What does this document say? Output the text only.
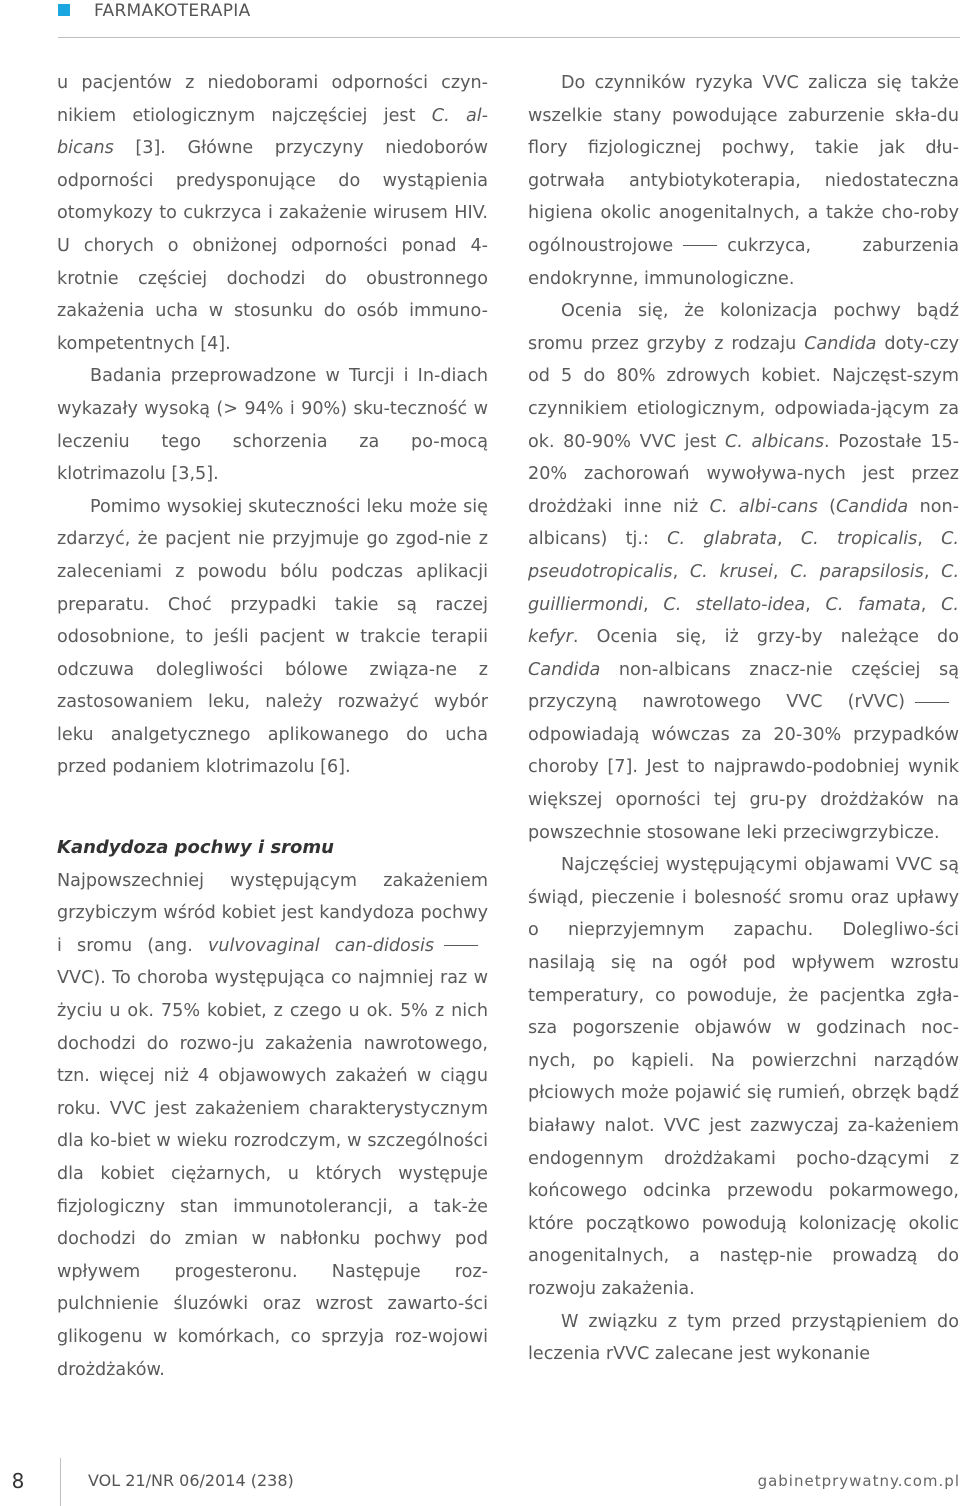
FARMAKOTERAPIA

u pacjentów z niedoborami odporności czyn-nikiem etiologicznym najczęściej jest C. al-bicans [3]. Główne przyczyny niedoborów odporności predysponujące do wystąpienia otomykozy to cukrzyca i zakażenie wirusem HIV. U chorych o obniżonej odporności ponad 4-krotnie częściej dochodzi do obustronnego zakażenia ucha w stosunku do osób immuno-kompetentnych [4].

Badania przeprowadzone w Turcji i In-diach wykazały wysoką (> 94% i 90%) sku-teczność w leczeniu tego schorzenia za po-mocą klotrimazolu [3,5].

Pomimo wysokiej skuteczności leku może się zdarzyć, że pacjent nie przyjmuje go zgod-nie z zaleceniami z powodu bólu podczas aplikacji preparatu. Choć przypadki takie są raczej odosobnione, to jeśli pacjent w trakcie terapii odczuwa dolegliwości bólowe związa-ne z zastosowaniem leku, należy rozważyć wybór leku analgetycznego aplikowanego do ucha przed podaniem klotrimazolu [6].

Kandydoza pochwy i sromu

Najpowszechniej występującym zakażeniem grzybiczym wśród kobiet jest kandydoza pochwy i sromu (ang. vulvovaginal can-didosisVVC). To choroba występująca co najmniej raz w życiu u ok. 75% kobiet, z czego u ok. 5% z nich dochodzi do rozwo-ju zakażenia nawrotowego, tzn. więcej niż 4 objawowych zakażeń w ciągu roku. VVC jest zakażeniem charakterystycznym dla ko-biet w wieku rozrodczym, w szczególności dla kobiet ciężarnych, u których występuje fizjologiczny stan immunotolerancji, a tak-że dochodzi do zmian w nabłonku pochwy pod wpływem progesteronu. Następuje roz-pulchnienie śluzówki oraz wzrost zawarto-ści glikogenu w komórkach, co sprzyja roz-wojowi drożdżaków.

Do czynników ryzyka VVC zalicza się także wszelkie stany powodujące zaburzenie skła-du flory fizjologicznej pochwy, takie jak dłu-gotrwała antybiotykoterapia, niedostateczna higiena okolic anogenitalnych, a także cho-roby ogólnoustrojowe	cukrzyca, zaburzenia endokrynne, immunologiczne.

Ocenia się, że kolonizacja pochwy bądź sromu przez grzyby z rodzaju Candida doty-czy od 5 do 80% zdrowych kobiet. Najczęst-szym czynnikiem etiologicznym, odpowiada-jącym za ok. 80-90% VVC jest C. albicans. Pozostałe 15-20% zachorowań wywoływa-nych jest przez drożdżaki inne niż C. albi-cans (Candida non-albicans) tj.: C. glabrata, C. tropicalis, C. pseudotropicalis, C. krusei, C. parapsilosis, C. guilliermondi, C. stellato-idea, C. famata, C. kefyr. Ocenia się, iż grzy-by należące do Candida non-albicans znacz-nie częściej są przyczyną nawrotowego VVC (rVVC)odpowiadają wówczas za 20-30% przypadków choroby [7]. Jest to najprawdo-podobniej wynik większej oporności tej gru-py drożdżaków na powszechnie stosowane leki przeciwgrzybicze.

Najczęściej występującymi objawami VVC są świąd, pieczenie i bolesność sromu oraz upławy o nieprzyjemnym zapachu. Dolegliwo-ści nasilają się na ogół pod wpływem wzrostu temperatury, co powoduje, że pacjentka zgła-sza pogorszenie objawów w godzinach noc-nych, po kąpieli. Na powierzchni narządów płciowych może pojawić się rumień, obrzęk bądź białawy nalot. VVC jest zazwyczaj za-każeniem endogennym drożdżakami pocho-dzącymi z końcowego odcinka przewodu pokarmowego, które początkowo powodują kolonizację okolic anogenitalnych, a następ-nie prowadzą do rozwoju zakażenia.

W związku z tym przed przystąpieniem do leczenia rVVC zalecane jest wykonanie

8	VOL 21/NR 06/2014 (238)	gabinetprywatny.com.pl
